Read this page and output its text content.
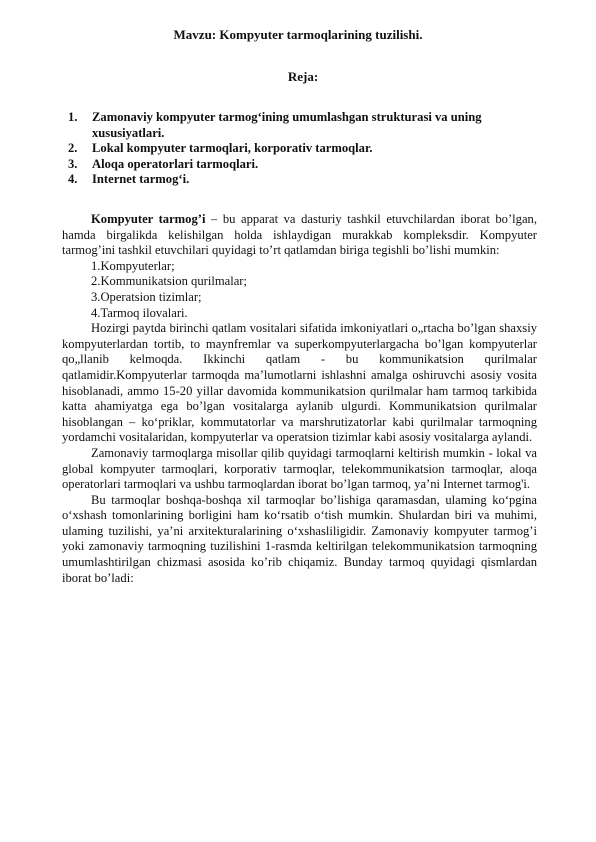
Mavzu: Kompyuter tarmoqlarining tuzilishi.
Reja:
1. Zamonaviy kompyuter tarmog‘ining umumlashgan strukturasi va uning xususiyatlari.
2. Lokal kompyuter tarmoqlari, korporativ tarmoqlar.
3. Aloqa operatorlari tarmoqlari.
4. Internet tarmog‘i.

Kompyuter tarmog’i – bu apparat va dasturiy tashkil etuvchilardan iborat bo’lgan, hamda birgalikda kelishilgan holda ishlaydigan murakkab kompleksdir. Kompyuter tarmog’ini tashkil etuvchilari quyidagi to’rt qatlamdan biriga tegishli bo’lishi mumkin:

1.Kompyuterlar;
2.Kommunikatsion qurilmalar;
3.Operatsion tizimlar;
4.Tarmoq ilovalari.

Hozirgi paytda birinchi qatlam vositalari sifatida imkoniyatlari o„rtacha bo’lgan shaxsiy kompyuterlardan tortib, to maynfremlar va superkompyuterlargacha bo’lgan kompyuterlar qo„llanib kelmoqda. Ikkinchi qatlam - bu kommunikatsion qurilmalar qatlamidir.Kompyuterlar tarmoqda ma’lumotlarni ishlashni amalga oshiruvchi asosiy vosita hisoblanadi, ammo 15-20 yillar davomida kommunikatsion qurilmalar ham tarmoq tarkibida katta ahamiyatga ega bo’lgan vositalarga aylanib ulgurdi. Kommunikatsion qurilmalar hisoblangan – ko‘priklar, kommutatorlar va marshrutizatorlar kabi qurilmalar tarmoqning yordamchi vositalaridan, kompyuterlar va operatsion tizimlar kabi asosiy vositalarga aylandi.

Zamonaviy tarmoqlarga misollar qilib quyidagi tarmoqlarni keltirish mumkin - lokal va global kompyuter tarmoqlari, korporativ tarmoqlar, telekommunikatsion tarmoqlar, aloqa operatorlari tarmoqlari va ushbu tarmoqlardan iborat bo’lgan tarmoq, ya’ni Internet tarmog'i.

Bu tarmoqlar boshqa-boshqa xil tarmoqlar bo’lishiga qaramasdan, ulaming ko‘pgina o‘xshash tomonlarining borligini ham ko‘rsatib o‘tish mumkin. Shulardan biri va muhimi, ulaming tuzilishi, ya’ni arxitekturalarining o‘xshasliligidir. Zamonaviy kompyuter tarmog’i yoki zamonaviy tarmoqning tuzilishini 1-rasmda keltirilgan telekommunikatsion tarmoqning umumlashtirilgan chizmasi asosida ko’rib chiqamiz. Bunday tarmoq quyidagi qismlardan iborat bo’ladi:
